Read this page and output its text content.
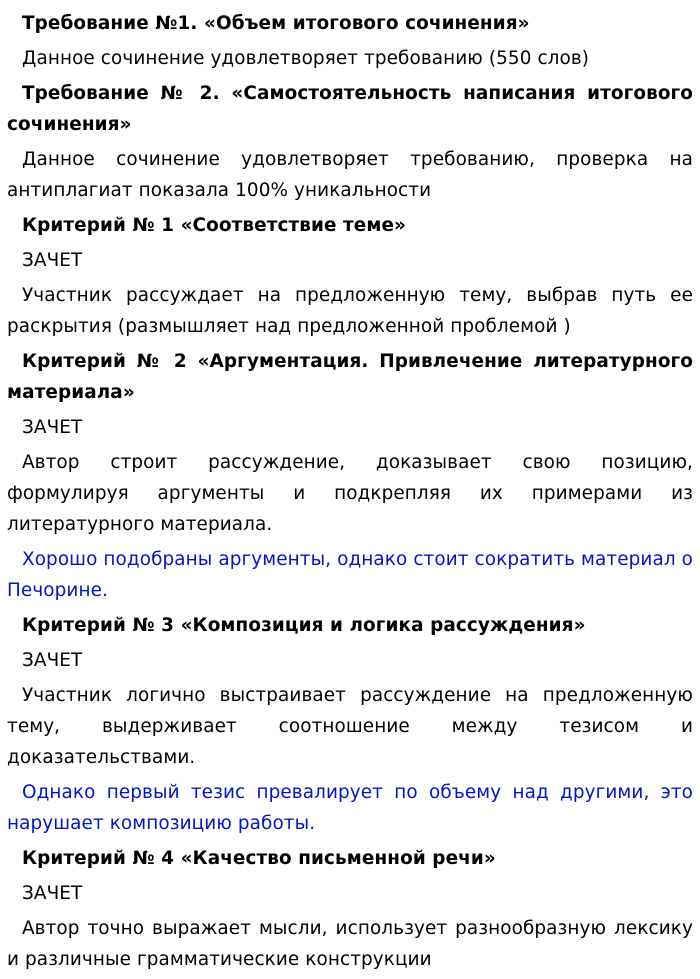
Требование №1. «Объем итогового сочинения»

Данное сочинение удовлетворяет требованию (550 слов)

Требование № 2. «Самостоятельность написания итогового сочинения»

Данное сочинение удовлетворяет требованию, проверка на антиплагиат показала 100% уникальности

Критерий № 1 «Соответствие теме»

ЗАЧЕТ

Участник рассуждает на предложенную тему, выбрав путь ее раскрытия (размышляет над предложенной проблемой )

Критерий № 2 «Аргументация. Привлечение литературного материала»

ЗАЧЕТ

Автор строит рассуждение, доказывает свою позицию, формулируя аргументы и подкрепляя их примерами из литературного материала.

Хорошо подобраны аргументы, однако стоит сократить материал о Печорине.

Критерий № 3 «Композиция и логика рассуждения»

ЗАЧЕТ

Участник логично выстраивает рассуждение на предложенную тему, выдерживает соотношение между тезисом и доказательствами.

Однако первый тезис превалирует по объему над другими, это нарушает композицию работы.

Критерий № 4 «Качество письменной речи»

ЗАЧЕТ

Автор точно выражает мысли, использует разнообразную лексику и различные грамматические конструкции
